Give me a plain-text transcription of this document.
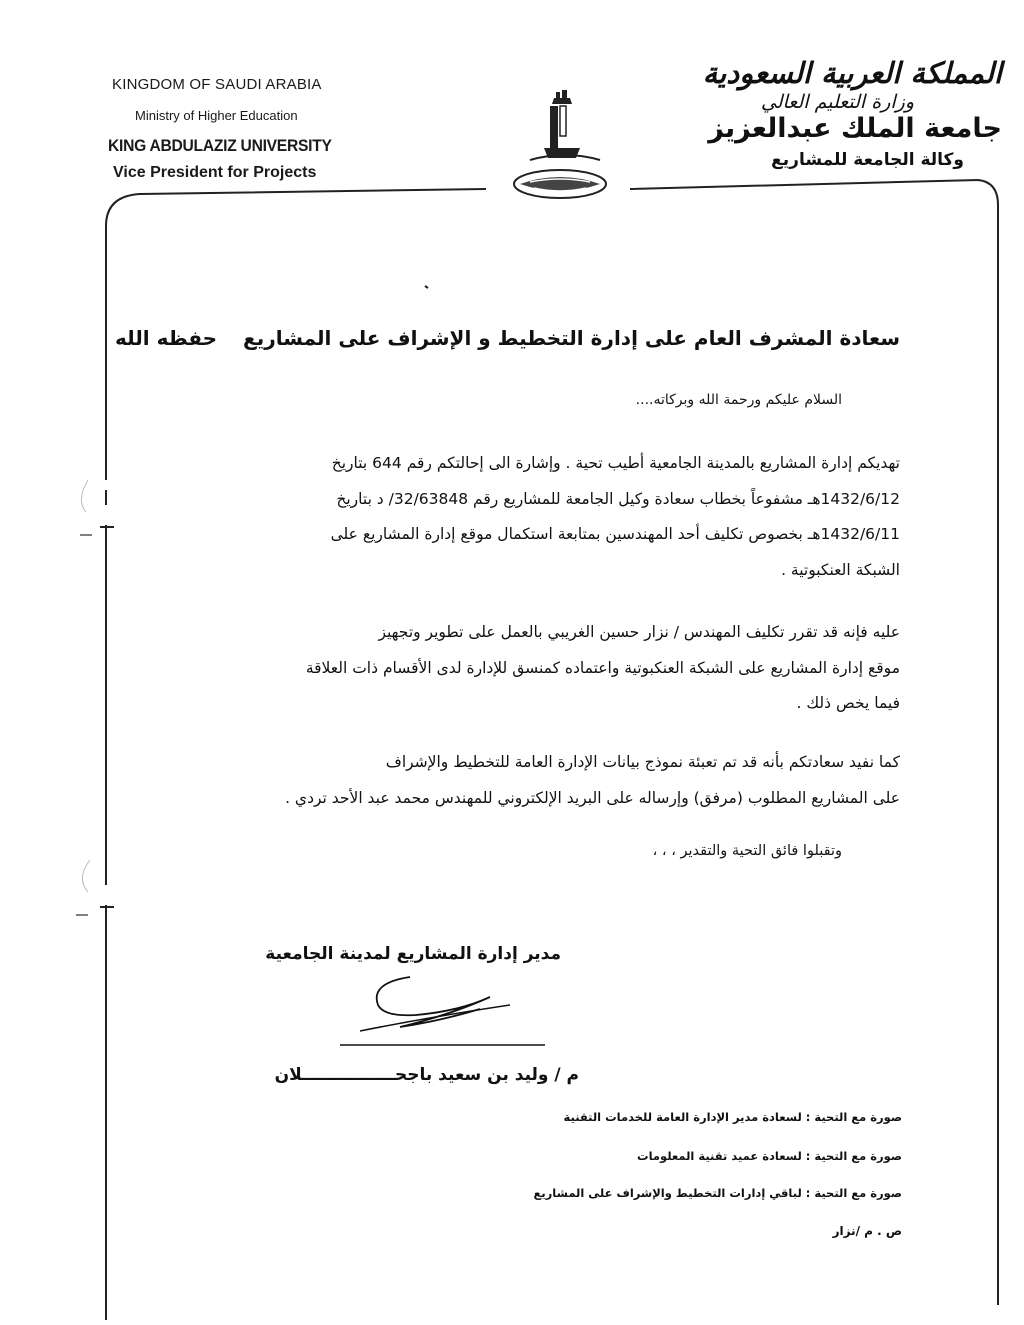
KINGDOM OF SAUDI ARABIA
Ministry of Higher Education
KING ABDULAZIZ UNIVERSITY
Vice President for Projects
المملكة العربية السعودية
وزارة التعليم العالي
جامعة الملك عبدالعزيز
وكالة الجامعة للمشاريع
سعادة المشرف العام على إدارة التخطيط و الإشراف على المشاريعحفظه الله
السلام عليكم ورحمة الله وبركاته....
تهديكم إدارة المشاريع بالمدينة الجامعية أطيب تحية . وإشارة الى إحالتكم رقم 644 بتاريخ
1432/6/12هـ مشفوعاً بخطاب سعادة وكيل الجامعة للمشاريع رقم 32/63848/ د بتاريخ
1432/6/11هـ بخصوص تكليف أحد المهندسين بمتابعة استكمال موقع إدارة المشاريع على
الشبكة العنكبوتية .
عليه فإنه قد تقرر تكليف المهندس / نزار حسين الغريبي بالعمل على تطوير وتجهيز
موقع إدارة المشاريع على الشبكة العنكبوتية واعتماده كمنسق للإدارة لدى الأقسام ذات العلاقة
فيما يخص ذلك .
كما نفيد سعادتكم بأنه قد تم تعبئة نموذج بيانات الإدارة العامة للتخطيط والإشراف
على المشاريع المطلوب (مرفق) وإرساله على البريد الإلكتروني للمهندس محمد عبد الأحد تردي .
وتقبلوا فائق التحية والتقدير ، ، ،
مدير إدارة المشاريع لمدينة الجامعية
م / وليد بن سعيد باجحــــــــــــــــلان
صورة مع التحية : لسعادة مدير الإدارة العامة للخدمات التقنية
صورة مع التحية : لسعادة عميد تقنية المعلومات
صورة مع التحية : لباقي إدارات التخطيط والإشراف على المشاريع
ص . م /نزار
